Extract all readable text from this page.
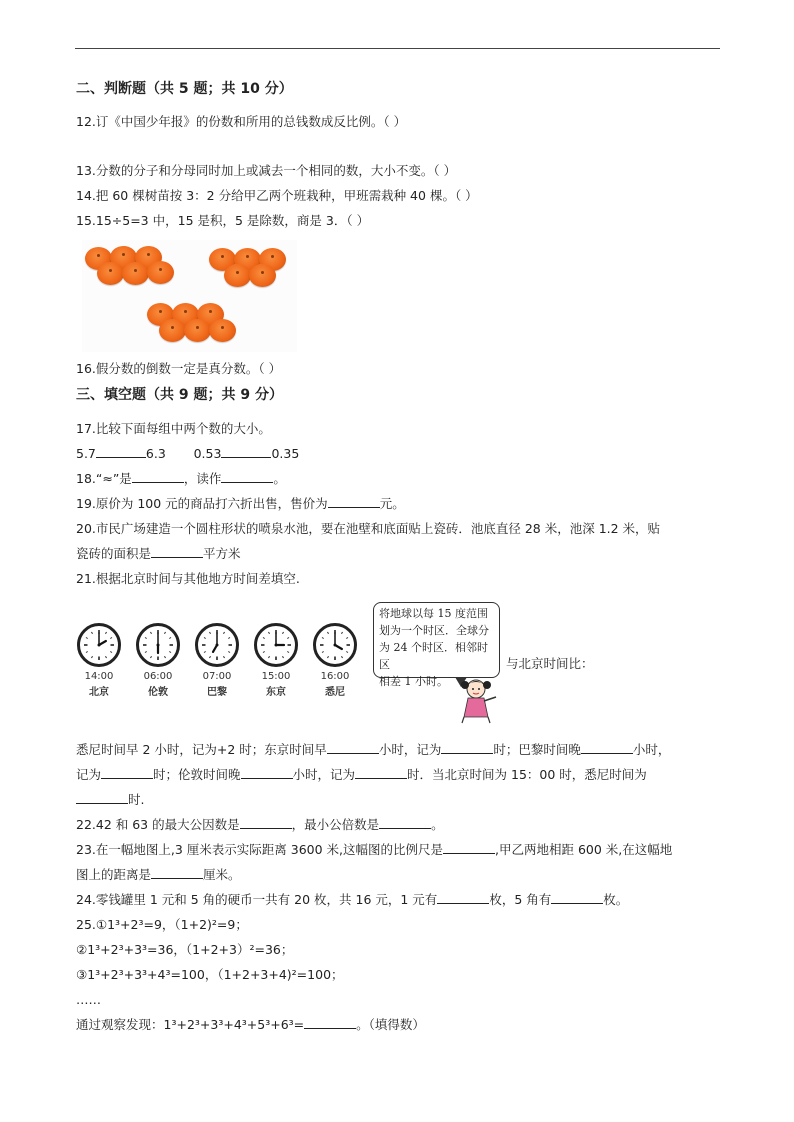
二、判断题（共 5 题；共 10 分）
12.订《中国少年报》的份数和所用的总钱数成反比例。（ ）
13.分数的分子和分母同时加上或减去一个相同的数，大小不变。（ ）
14.把 60 棵树苗按 3：2 分给甲乙两个班栽种，甲班需栽种 40 棵。（ ）
15.15÷5=3 中，15 是积，5 是除数，商是 3．（ ）
16.假分数的倒数一定是真分数。（ ）
三、填空题（共 9 题；共 9 分）
17.比较下面每组中两个数的大小。
5.7	6.3 0.53	0.35
18.“≈”是	，读作	。
19.原价为 100 元的商品打六折出售，售价为	元。
20.市民广场建造一个圆柱形状的喷泉水池，要在池壁和底面贴上瓷砖．池底直径 28 米，池深 1.2 米，贴
瓷砖的面积是	平方米
21.根据北京时间与其他地方时间差填空.
14:00
北京
06:00
伦敦
07:00
巴黎
15:00
东京
16:00
悉尼
将地球以每 15 度范围
划为一个时区．全球分
为 24 个时区．相邻时区
相差 1 小时。
与北京时间比：
悉尼时间早 2 小时，记为+2 时；东京时间早	小时，记为	时；巴黎时间晚	小时，
记为	时；伦敦时间晚	小时，记为	时．当北京时间为 15：00 时，悉尼时间为
时.
22.42 和 63 的最大公因数是	，最小公倍数是	。
23.在一幅地图上,3 厘米表示实际距离 3600 米,这幅图的比例尺是	,甲乙两地相距 600 米,在这幅地
图上的距离是	厘米。
24.零钱罐里 1 元和 5 角的硬币一共有 20 枚，共 16 元，1 元有	枚，5 角有	枚。
25.①1³+2³=9，（1+2)²=9；
②1³+2³+3³=36，（1+2+3）²=36；
③1³+2³+3³+4³=100，（1+2+3+4)²=100；
……
通过观察发现：1³+2³+3³+4³+5³+6³=	。（填得数）
